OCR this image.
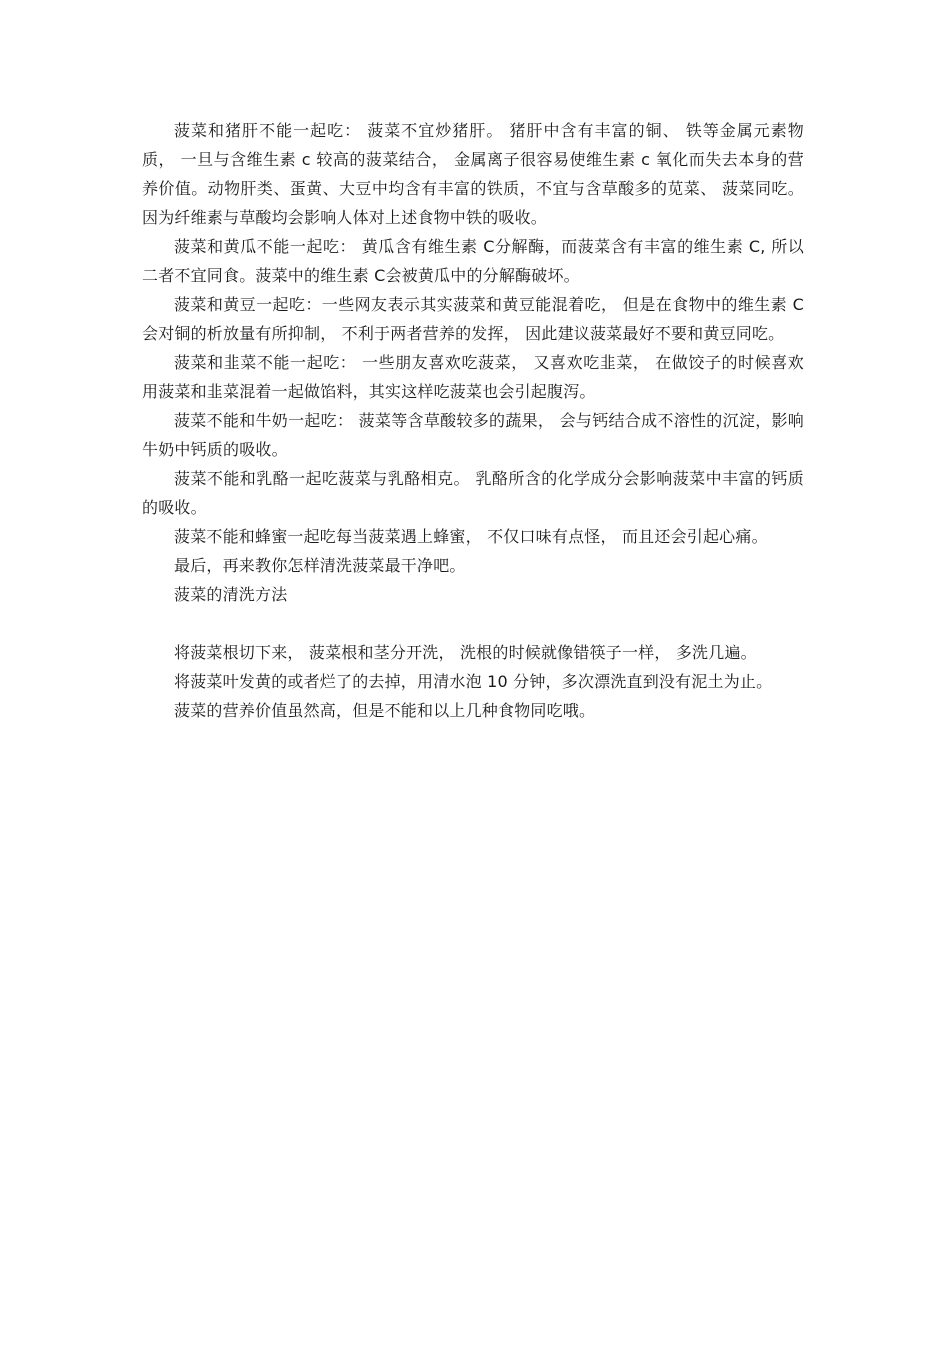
菠菜和猪肝不能一起吃： 菠菜不宜炒猪肝。 猪肝中含有丰富的铜、 铁等金属元素物质， 一旦与含维生素 c 较高的菠菜结合， 金属离子很容易使维生素 c 氧化而失去本身的营养价值。动物肝类、蛋黄、大豆中均含有丰富的铁质，不宜与含草酸多的苋菜、 菠菜同吃。因为纤维素与草酸均会影响人体对上述食物中铁的吸收。

菠菜和黄瓜不能一起吃： 黄瓜含有维生素 C分解酶，而菠菜含有丰富的维生素 C, 所以二者不宜同食。菠菜中的维生素 C会被黄瓜中的分解酶破坏。

菠菜和黄豆一起吃：一些网友表示其实菠菜和黄豆能混着吃， 但是在食物中的维生素 C会对铜的析放量有所抑制， 不利于两者营养的发挥， 因此建议菠菜最好不要和黄豆同吃。

菠菜和韭菜不能一起吃： 一些朋友喜欢吃菠菜， 又喜欢吃韭菜， 在做饺子的时候喜欢用菠菜和韭菜混着一起做馅料，其实这样吃菠菜也会引起腹泻。

菠菜不能和牛奶一起吃： 菠菜等含草酸较多的蔬果， 会与钙结合成不溶性的沉淀，影响牛奶中钙质的吸收。

菠菜不能和乳酪一起吃菠菜与乳酪相克。 乳酪所含的化学成分会影响菠菜中丰富的钙质的吸收。

菠菜不能和蜂蜜一起吃每当菠菜遇上蜂蜜， 不仅口味有点怪， 而且还会引起心痛。

最后，再来教你怎样清洗菠菜最干净吧。

菠菜的清洗方法

将菠菜根切下来， 菠菜根和茎分开洗， 洗根的时候就像错筷子一样， 多洗几遍。

将菠菜叶发黄的或者烂了的去掉，用清水泡 10 分钟，多次漂洗直到没有泥土为止。

菠菜的营养价值虽然高，但是不能和以上几种食物同吃哦。
